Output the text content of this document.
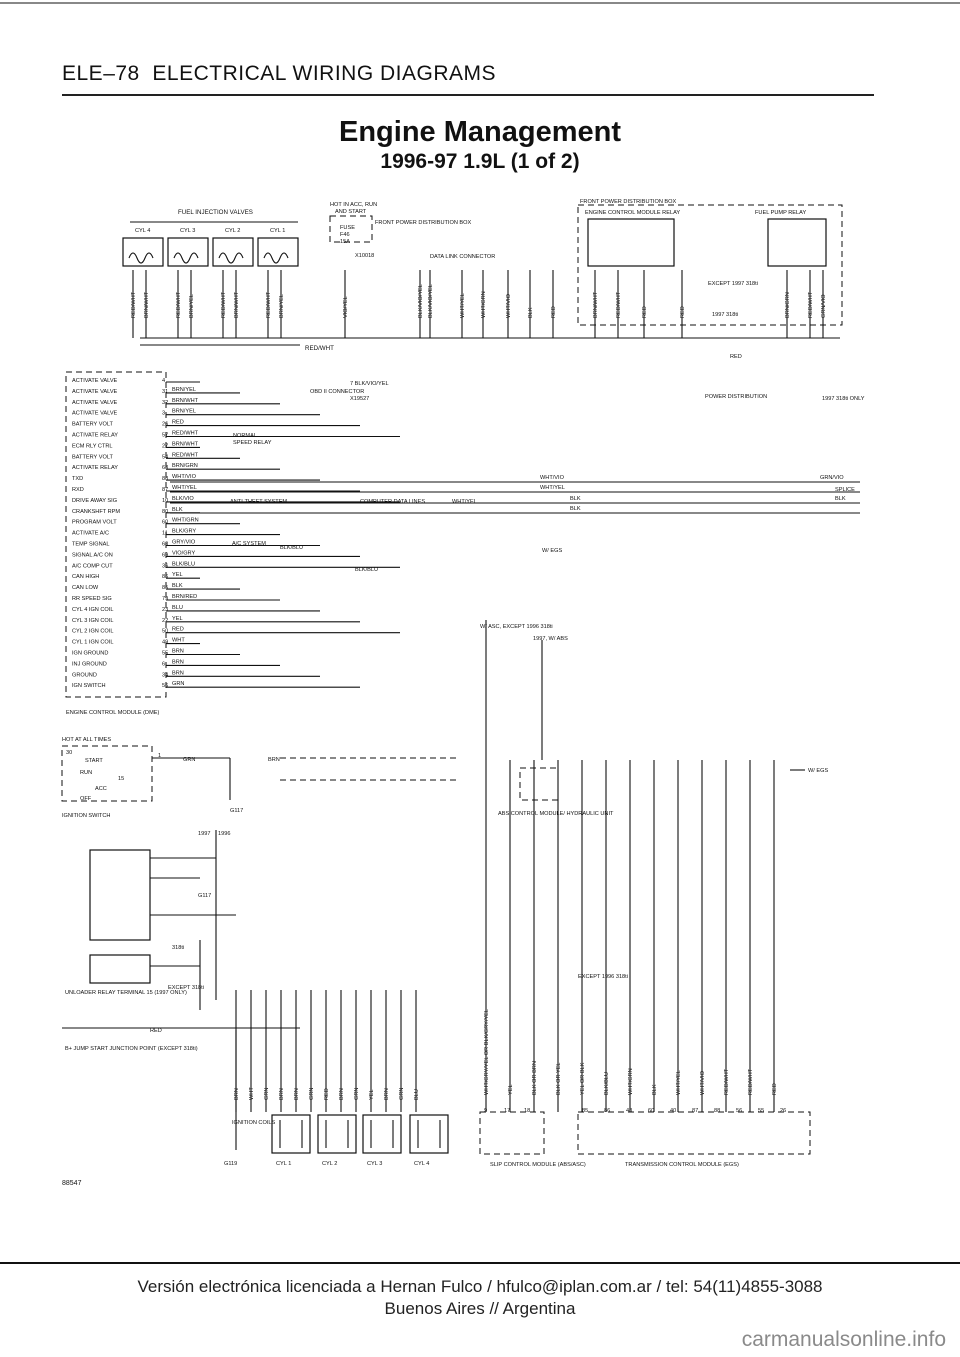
ELE–78 ELECTRICAL WIRING DIAGRAMS
Engine Management
1996-97 1.9L (1 of 2)
FUEL INJECTION VALVES
CYL 4	CYL 3	CYL 2	CYL 1
HOT IN ACC, RUN
AND START
FUSE
F46
15A
FRONT POWER DISTRIBUTION BOX
X10018	DATA LINK CONNECTOR
FRONT POWER DISTRIBUTION BOX
ENGINE CONTROL MODULE RELAY	FUEL PUMP RELAY
EXCEPT 1997 318ti
1997 318ti
RED/WHT BRN/WHT	RED/WHT BRN/YEL	RED/WHT BRN/WHT	RED/WHT BRN/YEL	VIO/YEL	BLK/VIO/YEL BLK/VIO/YEL	WHT/YEL	WHT/GRN	WHT/VIO	BLK	RED	BRN/WHT	RED/WHT	RED	RED	BRN/GRN	RED/WHT GRN/VIO
RED/WHT
ACTIVATE VALVE	4
ACTIVATE VALVE	31 BRN/YEL
ACTIVATE VALVE	32 BRN/WHT
ACTIVATE VALVE	3 BRN/YEL
BATTERY VOLT	26 RED
ACTIVATE RELAY	57 RED/WHT
ECM RLY CTRL	27 BRN/WHT
BATTERY VOLT	54 RED/WHT
ACTIVATE RELAY	63 BRN/GRN
TXD	88 WHT/VIO
RXD	87 WHT/YEL
DRIVE AWAY SIG	10 BLK/VIO
CRANKSHFT RPM	80 BLK
PROGRAM VOLT	60 WHT/GRN
ACTIVATE A/C	11 BLK/GRY
TEMP SIGNAL	68 GRY/VIO
SIGNAL A/C ON	69 VIO/GRY
A/C COMP CUT	36 BLK/BLU
CAN HIGH	86 YEL
CAN LOW	85 BLK
RR SPEED SIG	79 BRN/RED
CYL 4 IGN COIL	23 BLU
CYL 3 IGN COIL	22 YEL
CYL 2 IGN COIL	50 RED
CYL 1 IGN COIL	49 WHT
IGN GROUND	55 BRN
INJ GROUND	6 BRN
GROUND	34 BRN
IGN SWITCH	56 GRN
ENGINE CONTROL MODULE (DME)
NORMAL
SPEED RELAY
OBD II CONNECTOR
7 BLK/VIO/YEL
X19527
ANTI-THEFT SYSTEM	COMPUTER DATA LINES	WHT/YEL
A/C SYSTEM
BLK/BLU
BLK/BLU
W/ EGS
W/ ASC, EXCEPT 1996 318ti
1997, W/ ABS
ABS CONTROL MODULE/ HYDRAULIC UNIT
SPLICE
POWER DISTRIBUTION	1997 318ti ONLY
RED
WHT/VIO
WHT/YEL
BLK
BLK
GRN/VIO
BLK
HOT AT ALL TIMES
START
RUN
ACC
OFF
30
15
1
IGNITION SWITCH
G117
GRN	BRN
W/ EGS
1997 1996
UNLOADER RELAY TERMINAL 15 (1997 ONLY)
EXCEPT 318ti
318ti
RED
B+ JUMP START JUNCTION POINT (EXCEPT 318ti)
G117
G119
IGNITION COILS
CYL 1	CYL 2	CYL 3	CYL 4
BRN WHT GRN BRN BRN GRN RED BRN GRN YEL BRN GRN BLU
SLIP CONTROL MODULE (ABS/ASC)	TRANSMISSION CONTROL MODULE (EGS)
EXCEPT 1996 318ti
WHT/GRY/YEL OR BLK/GRY/YEL	YEL	BLK OR BRN	BLK OR YEL	YEL OR BLK	BLK/BLU	WHT/GRN	BLK	WHT/YEL	WHT/VIO	RED/WHT	RED/WHT	RED
9	17 18	85	86	48	60	40	87	88	56	55	26
88547
Versión electrónica licenciada a Hernan Fulco / hfulco@iplan.com.ar / tel: 54(11)4855-3088
Buenos Aires // Argentina
carmanualsonline.info
